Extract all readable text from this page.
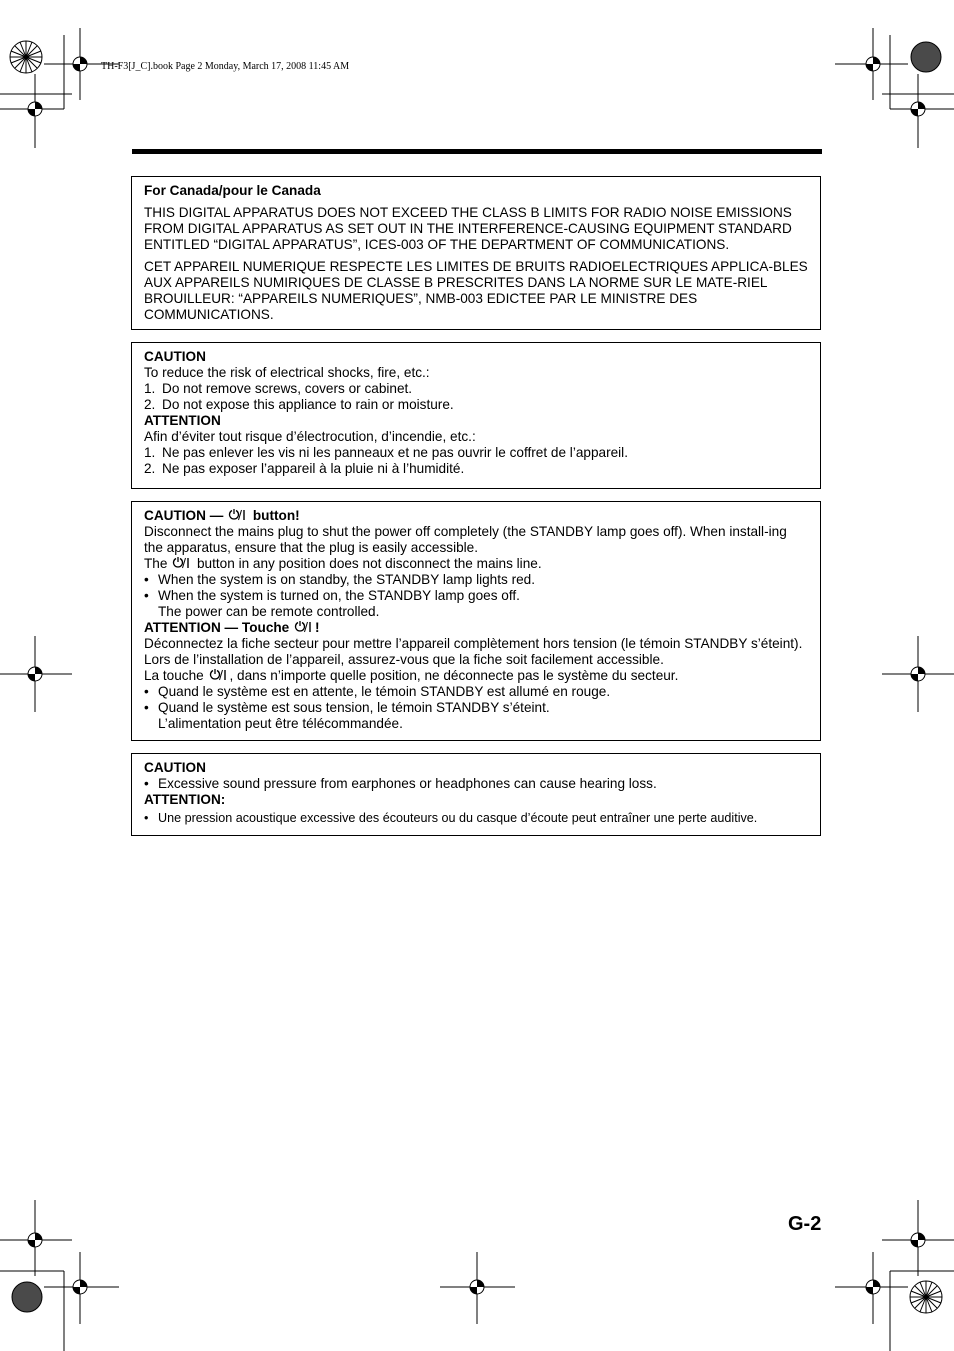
TH-F3[J_C].book Page 2 Monday, March 17, 2008 11:45 AM

For Canada/pour le Canada

THIS DIGITAL APPARATUS DOES NOT EXCEED THE CLASS B LIMITS FOR RADIO NOISE EMISSIONS FROM DIGITAL APPARATUS AS SET OUT IN THE INTERFERENCE-CAUSING EQUIPMENT STANDARD ENTITLED “DIGITAL APPARATUS”, ICES-003 OF THE DEPARTMENT OF COMMUNICATIONS.

CET APPAREIL NUMERIQUE RESPECTE LES LIMITES DE BRUITS RADIOELECTRIQUES APPLICA-BLES AUX APPAREILS NUMIRIQUES DE CLASSE B PRESCRITES DANS LA NORME SUR LE MATE-RIEL BROUILLEUR: “APPAREILS NUMERIQUES”, NMB-003 EDICTEE PAR LE MINISTRE DES COMMUNICATIONS.

CAUTION

To reduce the risk of electrical shocks, fire, etc.:

1. Do not remove screws, covers or cabinet.
2. Do not expose this appliance to rain or moisture.

ATTENTION

Afin d’éviter tout risque d’électrocution, d’incendie, etc.:

1. Ne pas enlever les vis ni les panneaux et ne pas ouvrir le coffret de l’appareil.
2. Ne pas exposer l’appareil à la pluie ni à l’humidité.

CAUTION — button!

Disconnect the mains plug to shut the power off completely (the STANDBY lamp goes off). When install-ing the apparatus, ensure that the plug is easily accessible.

The button in any position does not disconnect the mains line.

• When the system is on standby, the STANDBY lamp lights red.
• When the system is turned on, the STANDBY lamp goes off.
The power can be remote controlled.

ATTENTION — Touche !

Déconnectez la fiche secteur pour mettre l’appareil complètement hors tension (le témoin STANDBY s’éteint). Lors de l’installation de l’appareil, assurez-vous que la fiche soit facilement accessible.

La touche , dans n’importe quelle position, ne déconnecte pas le système du secteur.

• Quand le système est en attente, le témoin STANDBY est allumé en rouge.
• Quand le système est sous tension, le témoin STANDBY s’éteint.
L’alimentation peut être télécommandée.

CAUTION

• Excessive sound pressure from earphones or headphones can cause hearing loss.

ATTENTION:

• Une pression acoustique excessive des écouteurs ou du casque d’écoute peut entraîner une perte auditive.

G-2
